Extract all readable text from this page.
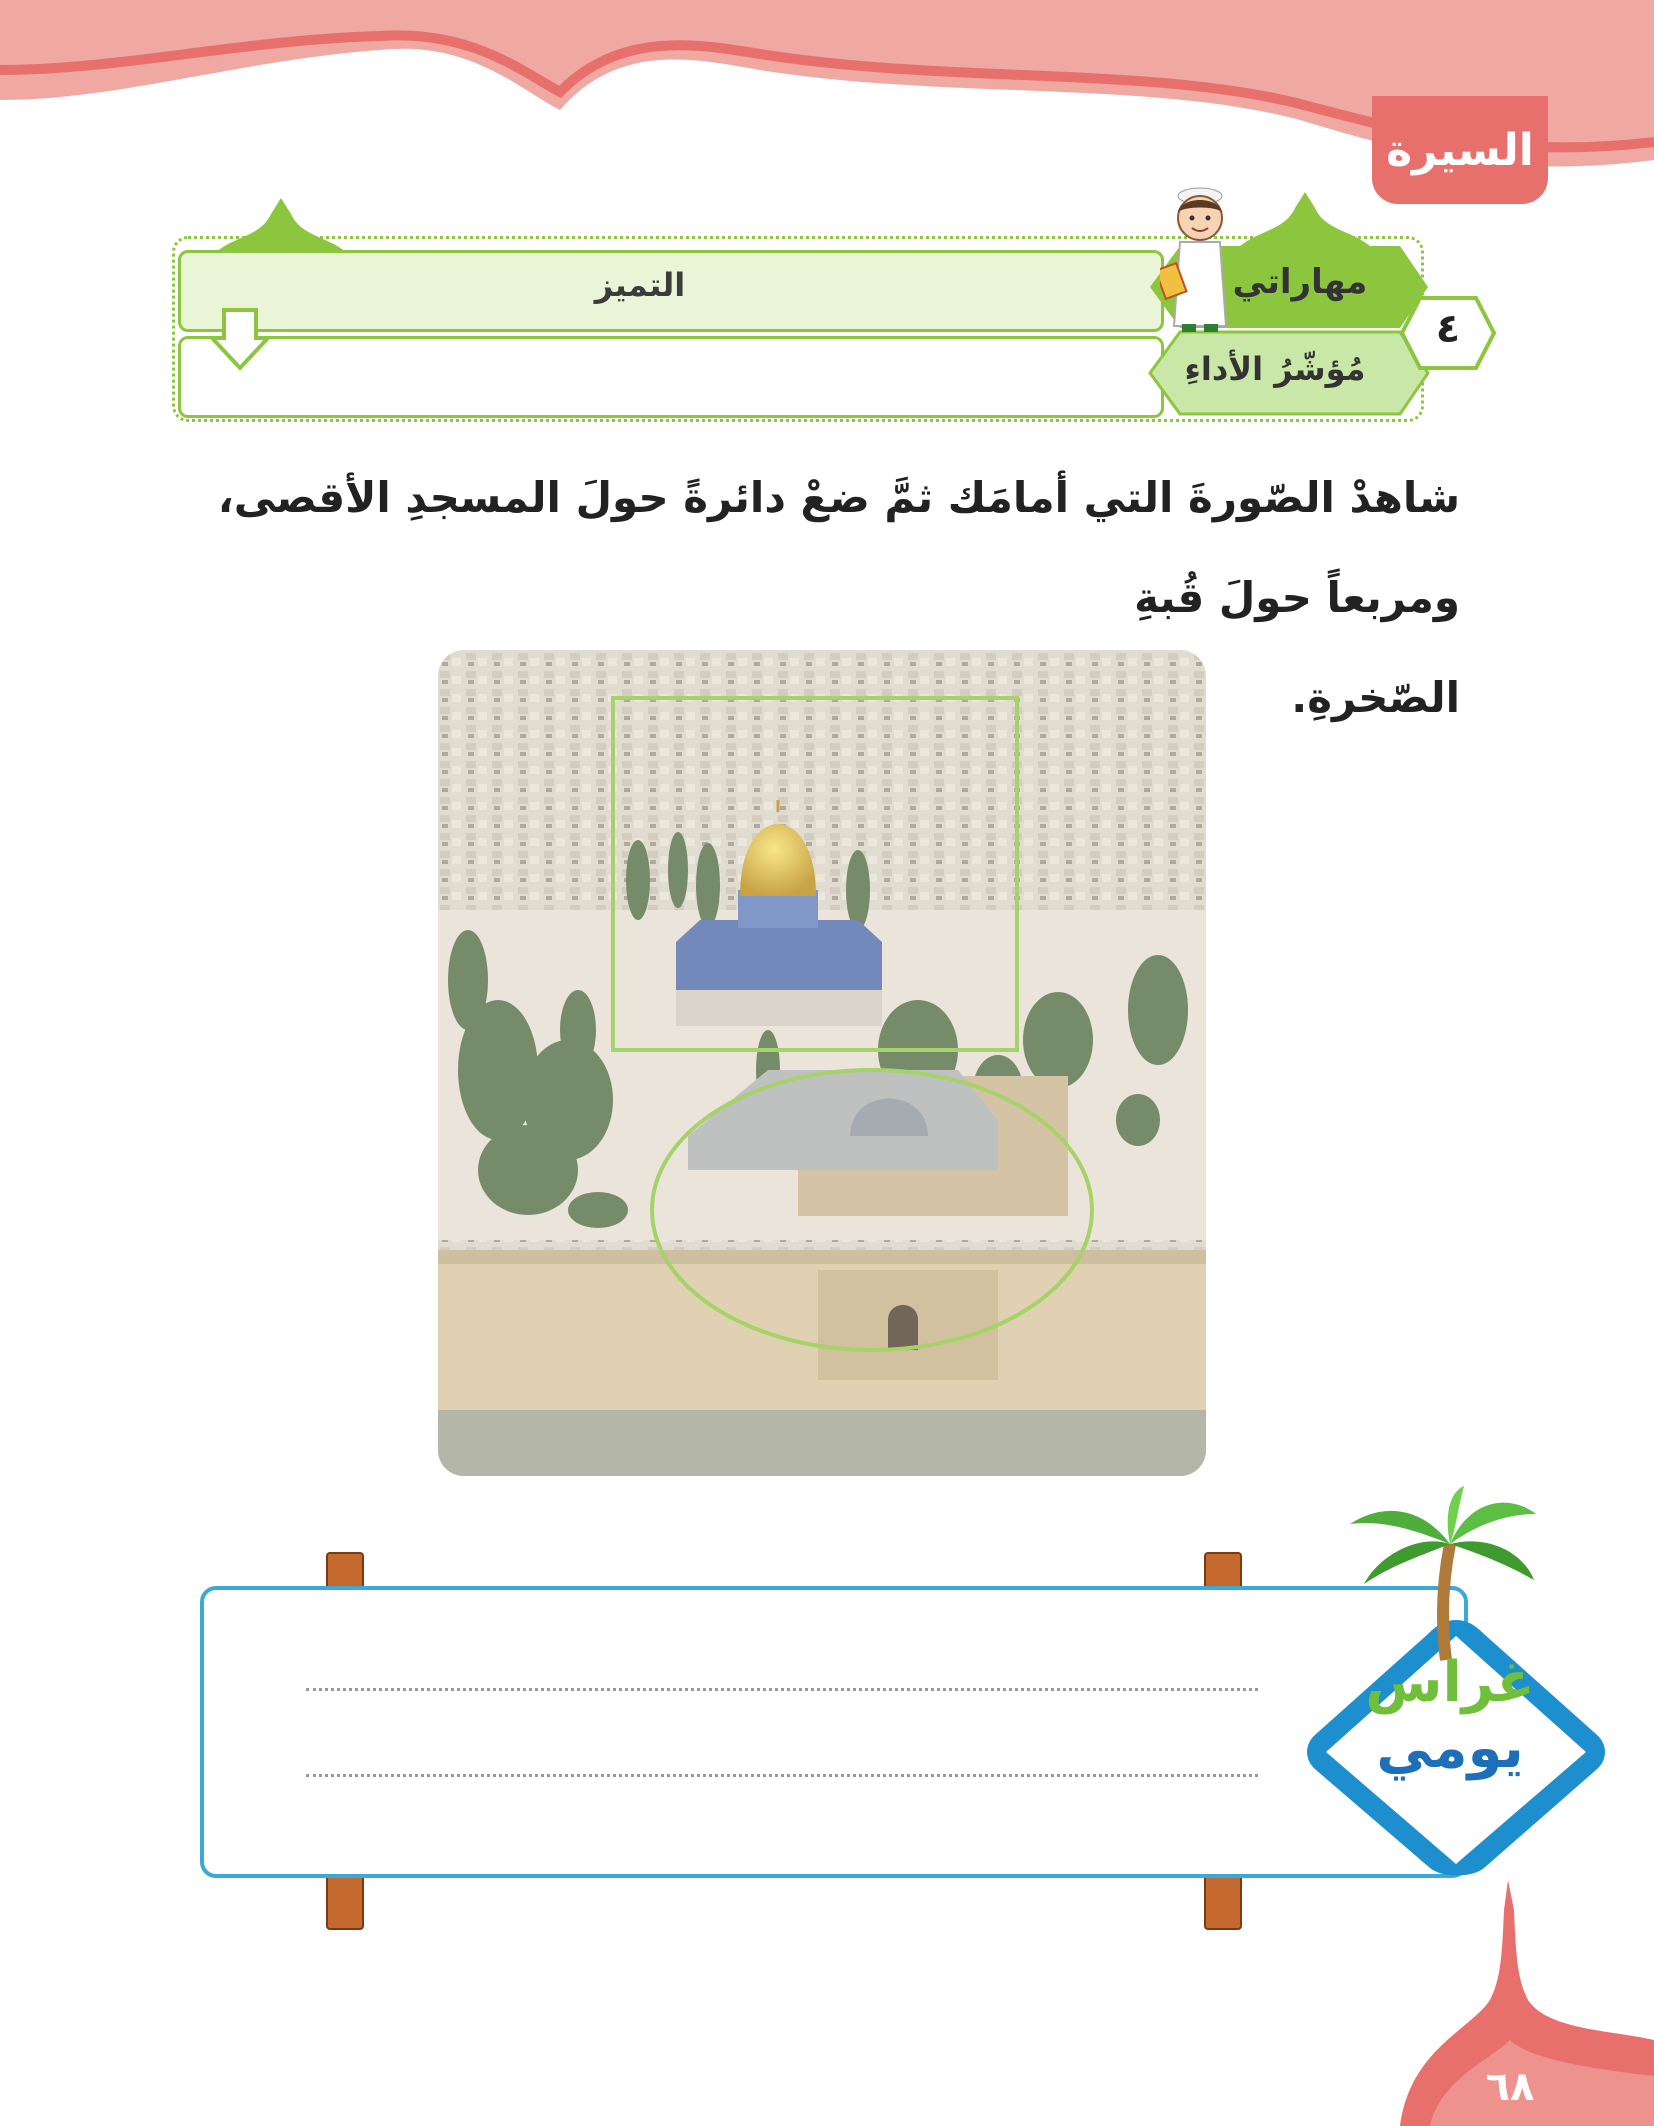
السيرة
التميز	مهاراتي
مُؤشّرُ الأداءِ
٤
شاهدْ الصّورةَ التي أمامَك ثمَّ ضعْ دائرةً حولَ المسجدِ الأقصى، ومربعاً حولَ قُبةِ
الصّخرةِ.
غراس
يومي
٦٨
